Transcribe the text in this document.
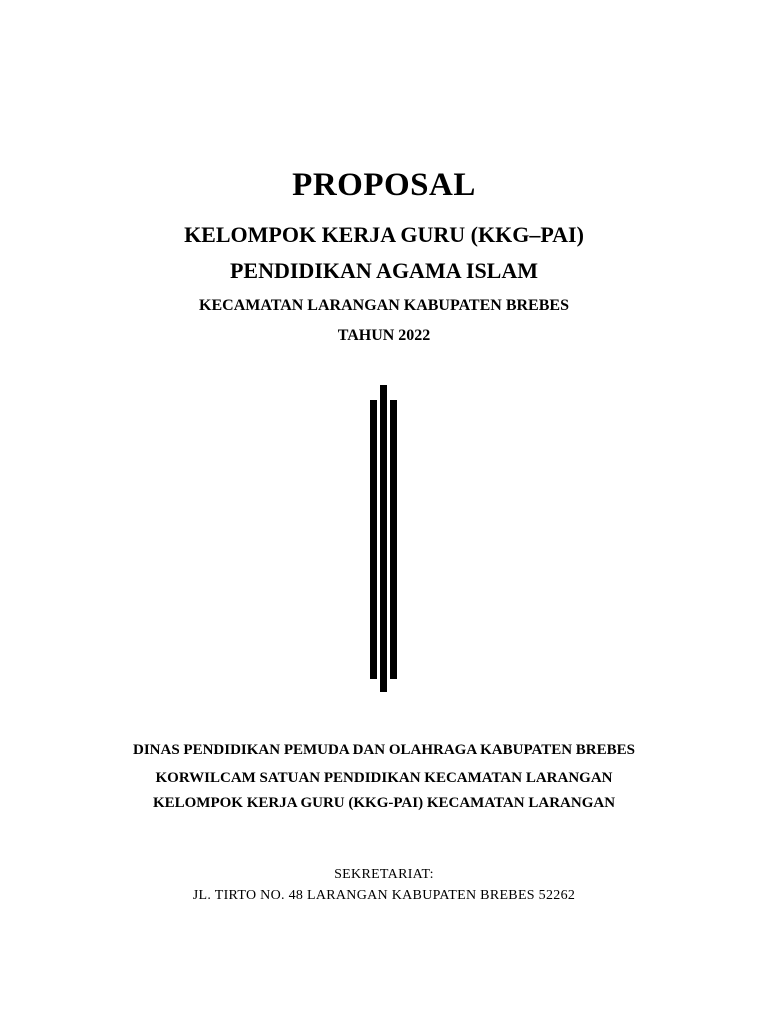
PROPOSAL
KELOMPOK KERJA GURU (KKG–PAI)
PENDIDIKAN AGAMA ISLAM
KECAMATAN LARANGAN KABUPATEN BREBES
TAHUN 2022
DINAS PENDIDIKAN PEMUDA DAN OLAHRAGA KABUPATEN BREBES
KORWILCAM SATUAN PENDIDIKAN KECAMATAN LARANGAN
KELOMPOK KERJA GURU (KKG-PAI) KECAMATAN LARANGAN
SEKRETARIAT:
JL. TIRTO NO. 48 LARANGAN KABUPATEN BREBES 52262
